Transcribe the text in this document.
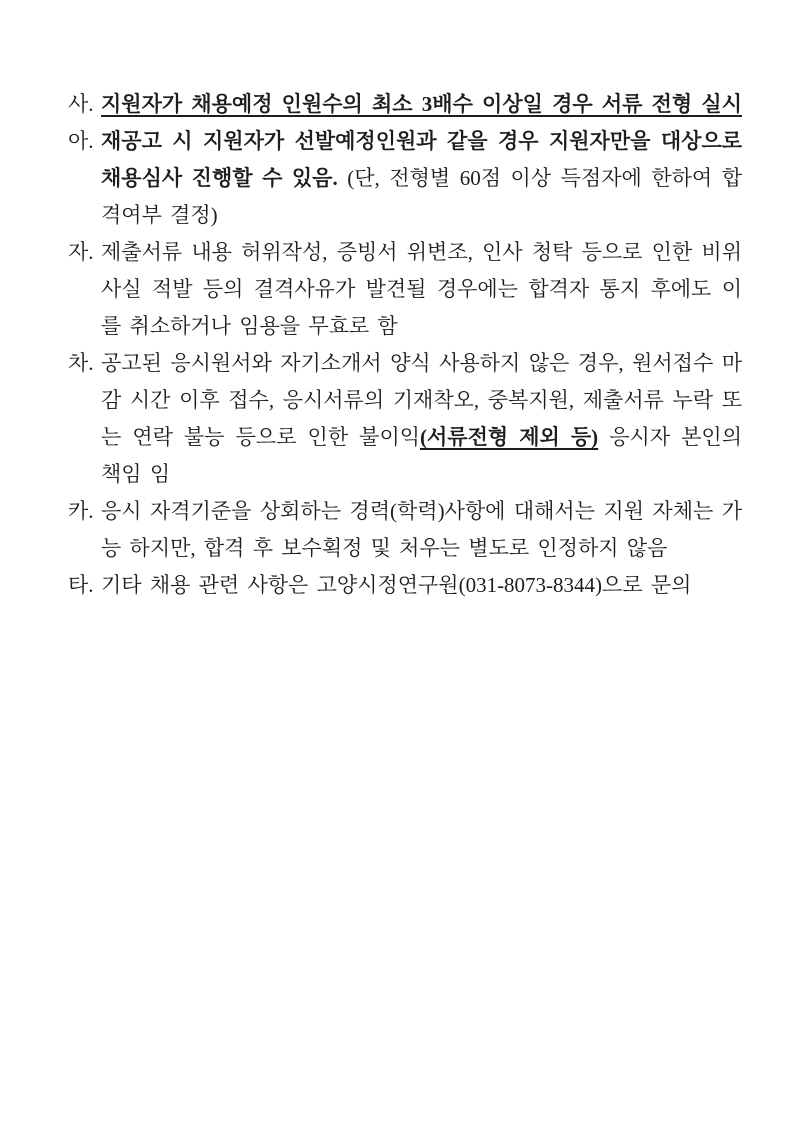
사. 지원자가 채용예정 인원수의 최소 3배수 이상일 경우 서류 전형 실시

아. 재공고 시 지원자가 선발예정인원과 같을 경우 지원자만을 대상으로 채용심사 진행할 수 있음. (단, 전형별 60점 이상 득점자에 한하여 합격여부 결정)

자. 제출서류 내용 허위작성, 증빙서 위변조, 인사 청탁 등으로 인한 비위 사실 적발 등의 결격사유가 발견될 경우에는 합격자 통지 후에도 이를 취소하거나 임용을 무효로 함

차. 공고된 응시원서와 자기소개서 양식 사용하지 않은 경우, 원서접수 마감 시간 이후 접수, 응시서류의 기재착오, 중복지원, 제출서류 누락 또는 연락 불능 등으로 인한 불이익(서류전형 제외 등) 응시자 본인의 책임 임

카. 응시 자격기준을 상회하는 경력(학력)사항에 대해서는 지원 자체는 가능 하지만, 합격 후 보수획정 및 처우는 별도로 인정하지 않음

타. 기타 채용 관련 사항은 고양시정연구원(031-8073-8344)으로 문의
